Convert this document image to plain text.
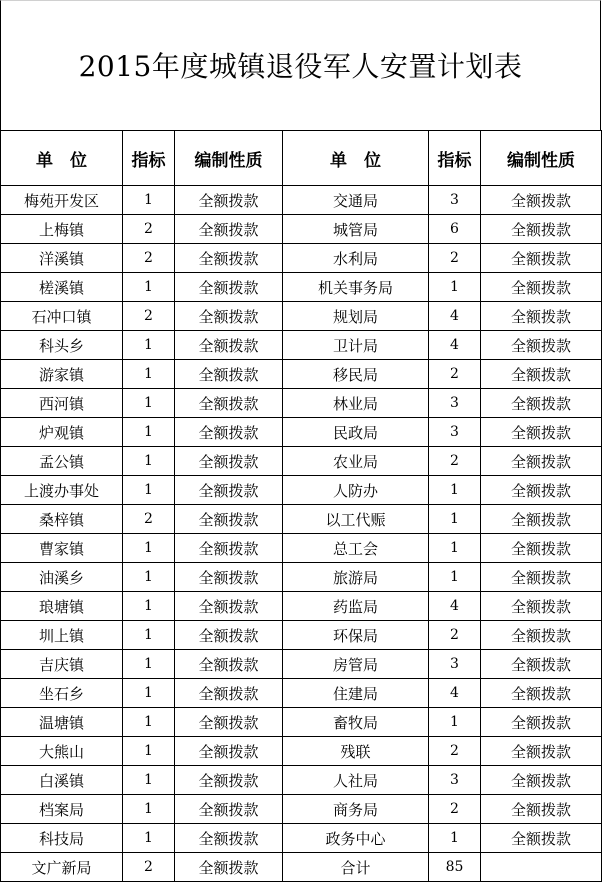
2015年度城镇退役军人安置计划表
单　位	指标	编制性质	单　位	指标	编制性质
梅苑开发区	1	全额拨款	交通局	3	全额拨款
上梅镇	2	全额拨款	城管局	6	全额拨款
洋溪镇	2	全额拨款	水利局	2	全额拨款
槎溪镇	1	全额拨款	机关事务局	1	全额拨款
石冲口镇	2	全额拨款	规划局	4	全额拨款
科头乡	1	全额拨款	卫计局	4	全额拨款
游家镇	1	全额拨款	移民局	2	全额拨款
西河镇	1	全额拨款	林业局	3	全额拨款
炉观镇	1	全额拨款	民政局	3	全额拨款
孟公镇	1	全额拨款	农业局	2	全额拨款
上渡办事处	1	全额拨款	人防办	1	全额拨款
桑梓镇	2	全额拨款	以工代赈	1	全额拨款
曹家镇	1	全额拨款	总工会	1	全额拨款
油溪乡	1	全额拨款	旅游局	1	全额拨款
琅塘镇	1	全额拨款	药监局	4	全额拨款
圳上镇	1	全额拨款	环保局	2	全额拨款
吉庆镇	1	全额拨款	房管局	3	全额拨款
坐石乡	1	全额拨款	住建局	4	全额拨款
温塘镇	1	全额拨款	畜牧局	1	全额拨款
大熊山	1	全额拨款	残联	2	全额拨款
白溪镇	1	全额拨款	人社局	3	全额拨款
档案局	1	全额拨款	商务局	2	全额拨款
科技局	1	全额拨款	政务中心	1	全额拨款
文广新局	2	全额拨款	合计	85	
